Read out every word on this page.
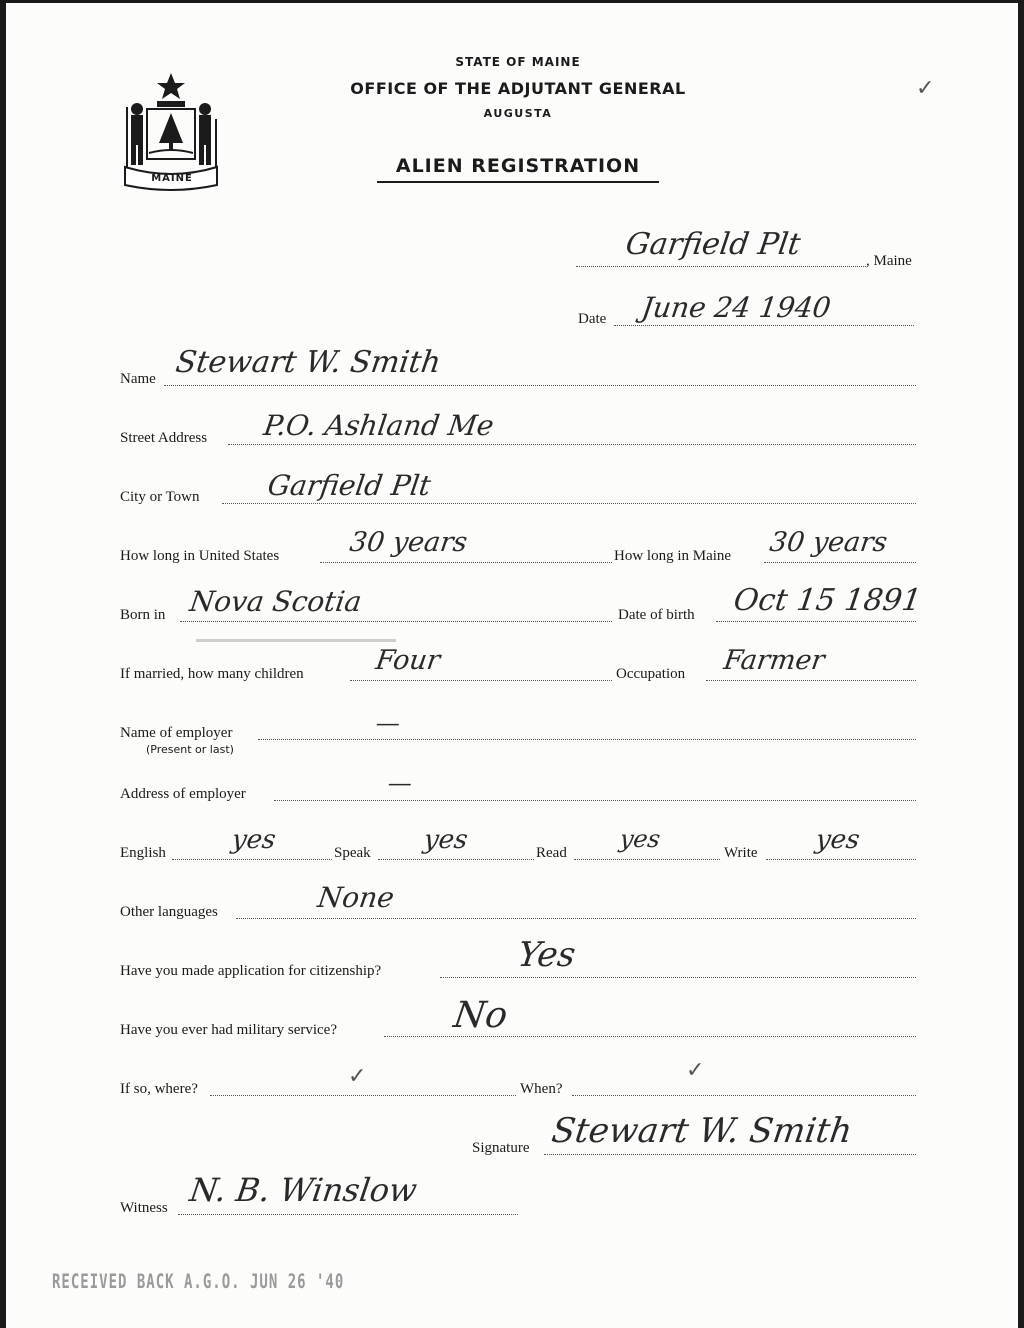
MAINE
STATE OF MAINE
OFFICE OF THE ADJUTANT GENERAL
AUGUSTA
ALIEN REGISTRATION
✓
Garfield Plt	, Maine
Date June 24 1940
Name Stewart W. Smith
Street Address P.O. Ashland Me
City or Town Garfield Plt
How long in United States	30 years	How long in Maine 30 years
Born in Nova Scotia	Date of birth Oct 15 1891
If married, how many children	Four	Occupation Farmer
Name of employer
(Present or last)
—
Address of employer	—
English yes	Speak yes	Read yes	Write yes
Other languages	None
Have you made application for citizenship?	Yes
Have you ever had military service?	No
If so, where?
✓
When?
✓
Signature Stewart W. Smith
Witness N. B. Winslow
RECEIVED BACK A.G.O. JUN 26 '40
